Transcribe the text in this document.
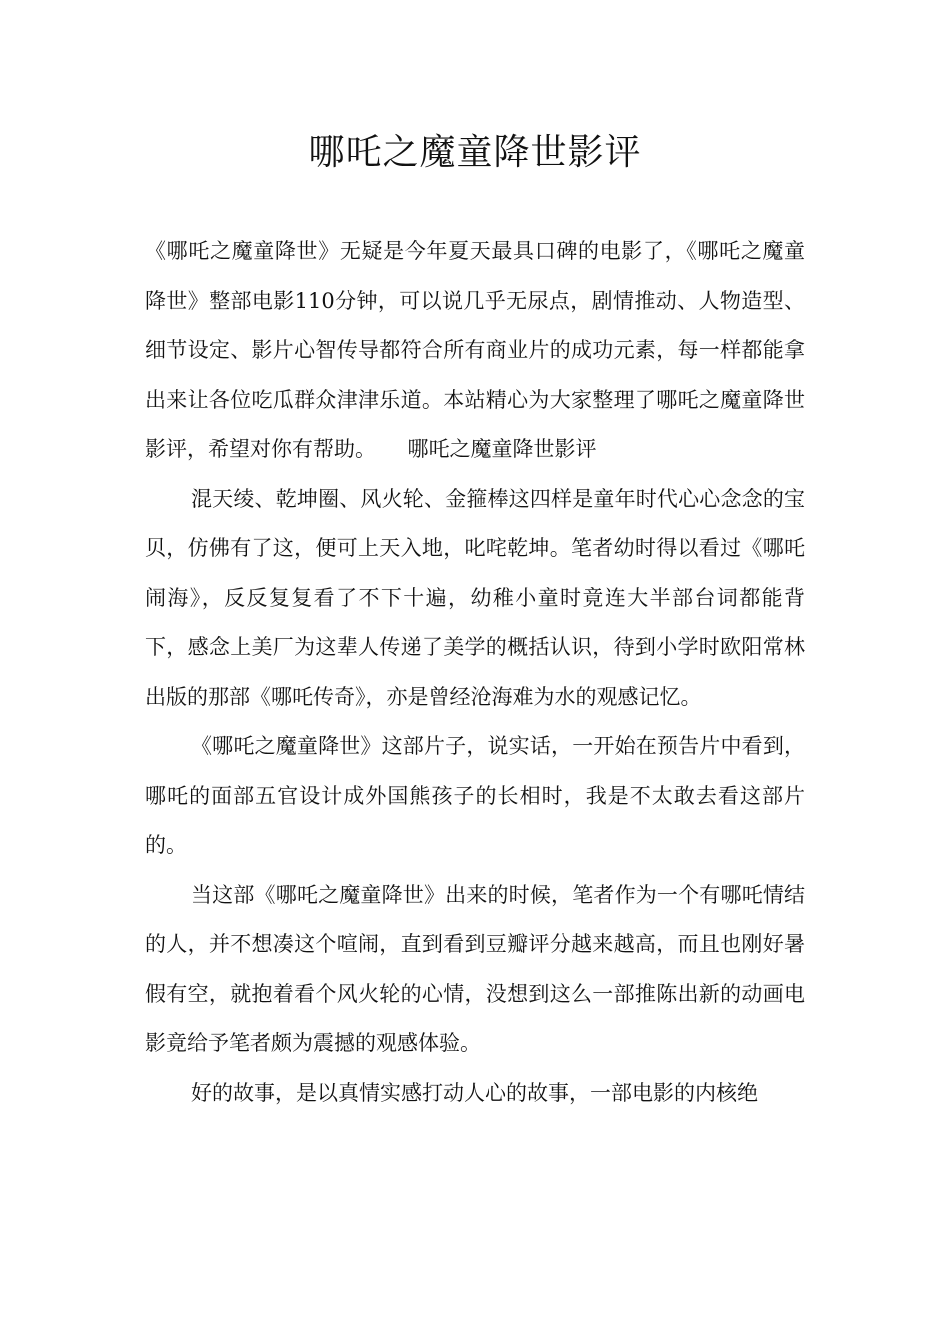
哪吒之魔童降世影评

《哪吒之魔童降世》无疑是今年夏天最具口碑的电影了，《哪吒之魔童降世》整部电影110分钟，可以说几乎无尿点，剧情推动、人物造型、细节设定、影片心智传导都符合所有商业片的成功元素，每一样都能拿出来让各位吃瓜群众津津乐道。本站精心为大家整理了哪吒之魔童降世影评，希望对你有帮助。　　哪吒之魔童降世影评

混天绫、乾坤圈、风火轮、金箍棒这四样是童年时代心心念念的宝贝，仿佛有了这，便可上天入地，叱咤乾坤。笔者幼时得以看过《哪吒闹海》，反反复复看了不下十遍，幼稚小童时竟连大半部台词都能背下，感念上美厂为这辈人传递了美学的概括认识，待到小学时欧阳常林出版的那部《哪吒传奇》，亦是曾经沧海难为水的观感记忆。

《哪吒之魔童降世》这部片子，说实话，一开始在预告片中看到，哪吒的面部五官设计成外国熊孩子的长相时，我是不太敢去看这部片的。

当这部《哪吒之魔童降世》出来的时候，笔者作为一个有哪吒情结的人，并不想凑这个喧闹，直到看到豆瓣评分越来越高，而且也刚好暑假有空，就抱着看个风火轮的心情，没想到这么一部推陈出新的动画电影竟给予笔者颇为震撼的观感体验。

好的故事，是以真情实感打动人心的故事，一部电影的内核绝
